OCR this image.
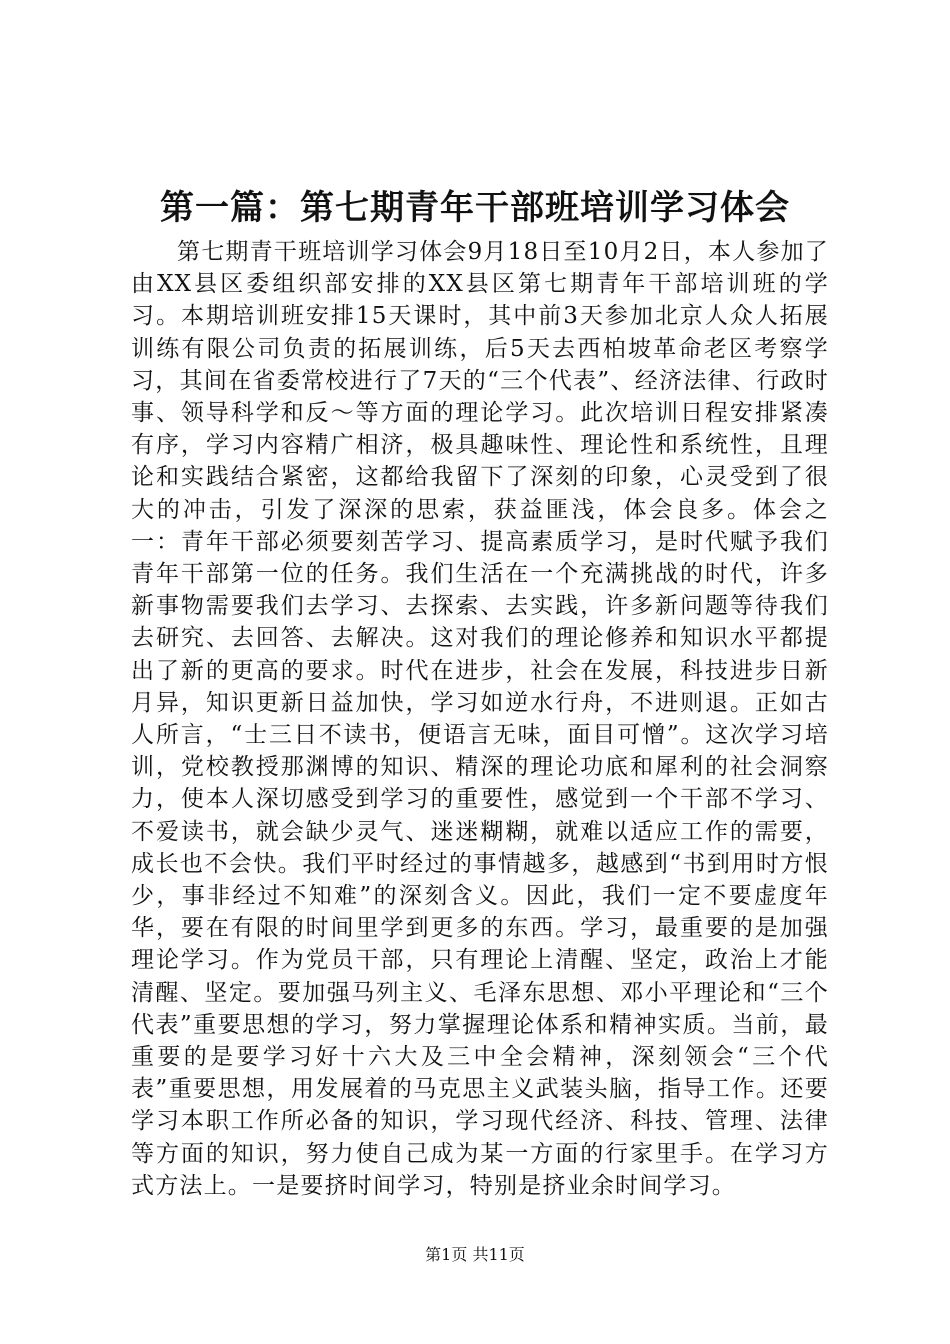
第一篇：第七期青年干部班培训学习体会

第七期青干班培训学习体会9月18日至10月2日，本人参加了由XX县区委组织部安排的XX县区第七期青年干部培训班的学习。本期培训班安排15天课时，其中前3天参加北京人众人拓展训练有限公司负责的拓展训练，后5天去西柏坡革命老区考察学习，其间在省委常校进行了7天的“三个代表”、经济法律、行政时事、领导科学和反～等方面的理论学习。此次培训日程安排紧凑有序，学习内容精广相济，极具趣味性、理论性和系统性，且理论和实践结合紧密，这都给我留下了深刻的印象，心灵受到了很大的冲击，引发了深深的思索，获益匪浅，体会良多。体会之一：青年干部必须要刻苦学习、提高素质学习，是时代赋予我们青年干部第一位的任务。我们生活在一个充满挑战的时代，许多新事物需要我们去学习、去探索、去实践，许多新问题等待我们去研究、去回答、去解决。这对我们的理论修养和知识水平都提出了新的更高的要求。时代在进步，社会在发展，科技进步日新月异，知识更新日益加快，学习如逆水行舟，不进则退。正如古人所言，“士三日不读书，便语言无味，面目可憎”。这次学习培训，党校教授那渊博的知识、精深的理论功底和犀利的社会洞察力，使本人深切感受到学习的重要性，感觉到一个干部不学习、不爱读书，就会缺少灵气、迷迷糊糊，就难以适应工作的需要，成长也不会快。我们平时经过的事情越多，越感到“书到用时方恨少，事非经过不知难”的深刻含义。因此，我们一定不要虚度年华，要在有限的时间里学到更多的东西。学习，最重要的是加强理论学习。作为党员干部，只有理论上清醒、坚定，政治上才能清醒、坚定。要加强马列主义、毛泽东思想、邓小平理论和“三个代表”重要思想的学习，努力掌握理论体系和精神实质。当前，最重要的是要学习好十六大及三中全会精神，深刻领会“三个代表”重要思想，用发展着的马克思主义武装头脑，指导工作。还要学习本职工作所必备的知识，学习现代经济、科技、管理、法律等方面的知识，努力使自己成为某一方面的行家里手。在学习方式方法上。一是要挤时间学习，特别是挤业余时间学习。

第1页 共11页
